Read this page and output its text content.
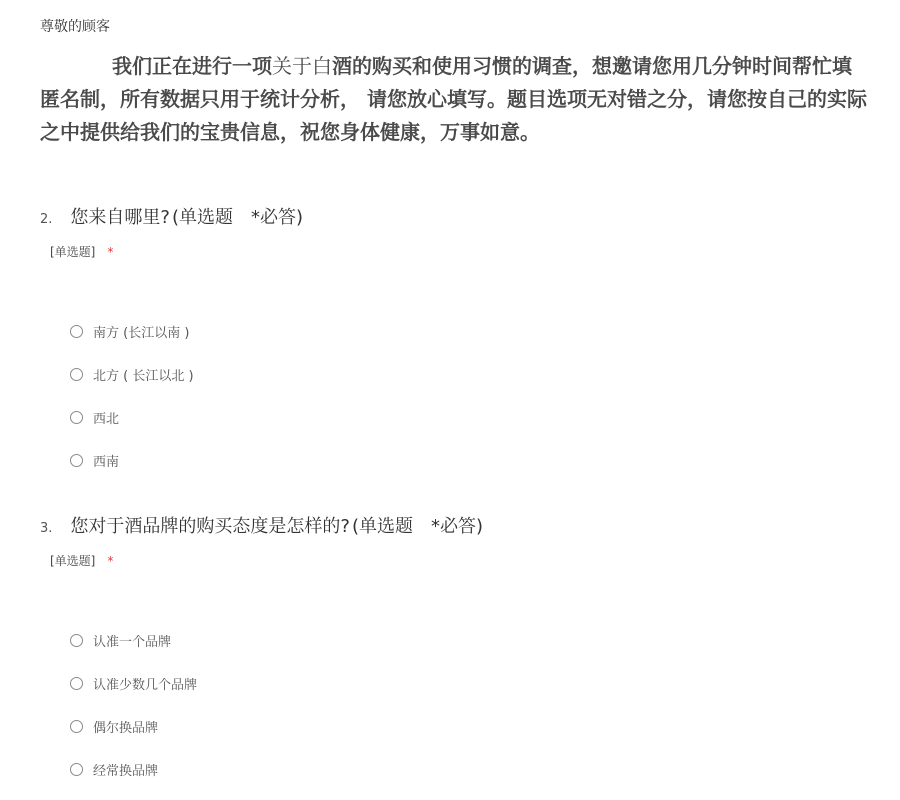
尊敬的顾客
我们正在进行一项关于白酒的购买和使用习惯的调查，想邀请您用几分钟时间帮忙填
匿名制，所有数据只用于统计分析， 请您放心填写。题目选项无对错之分，请您按自己的实际
之中提供给我们的宝贵信息，祝您身体健康，万事如意。
2. 您来自哪里? (单选题　*必答)
[单选题] *
南方 (长江以南 )
北方 ( 长江以北 )
西北
西南
3. 您对于酒品牌的购买态度是怎样的? (单选题　*必答)
[单选题] *
认准一个品牌
认准少数几个品牌
偶尔换品牌
经常换品牌
